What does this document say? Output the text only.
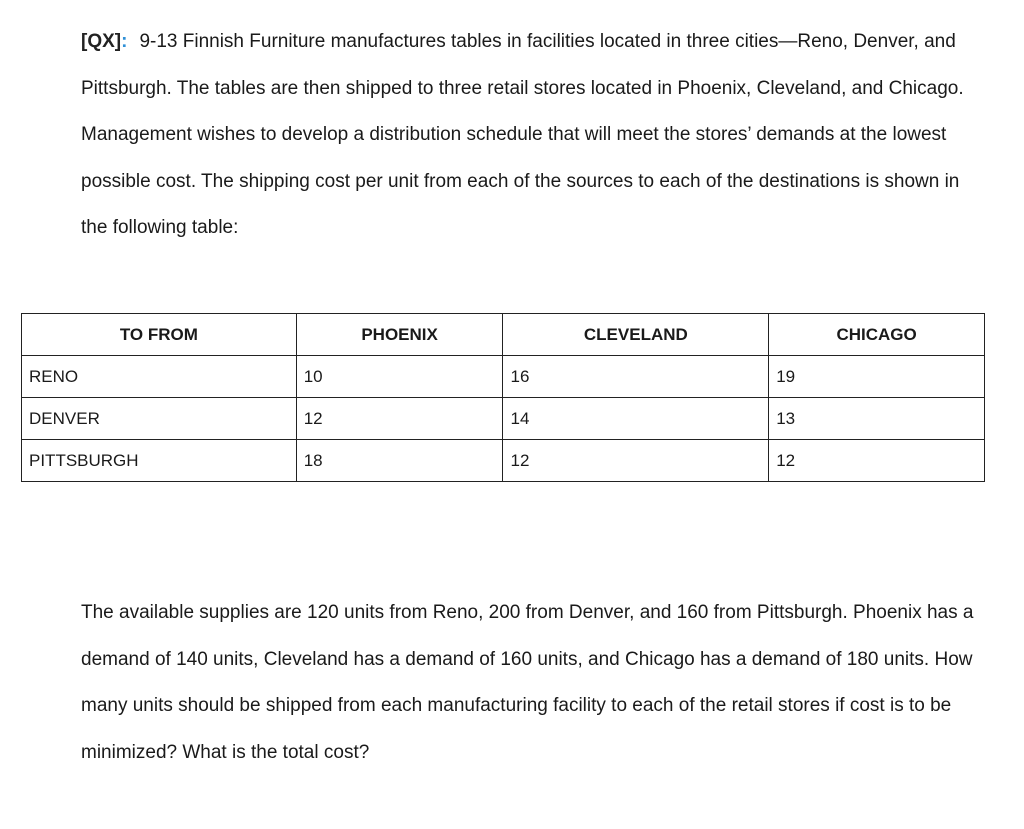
[QX]: 9-13 Finnish Furniture manufactures tables in facilities located in three cities—Reno, Denver, and Pittsburgh. The tables are then shipped to three retail stores located in Phoenix, Cleveland, and Chicago. Management wishes to develop a distribution schedule that will meet the stores’ demands at the lowest possible cost. The shipping cost per unit from each of the sources to each of the destinations is shown in the following table:

TO FROM	PHOENIX	CLEVELAND	CHICAGO
RENO	10	16	19
DENVER	12	14	13
PITTSBURGH	18	12	12

The available supplies are 120 units from Reno, 200 from Denver, and 160 from Pittsburgh. Phoenix has a demand of 140 units, Cleveland has a demand of 160 units, and Chicago has a demand of 180 units. How many units should be shipped from each manufacturing facility to each of the retail stores if cost is to be minimized? What is the total cost?
